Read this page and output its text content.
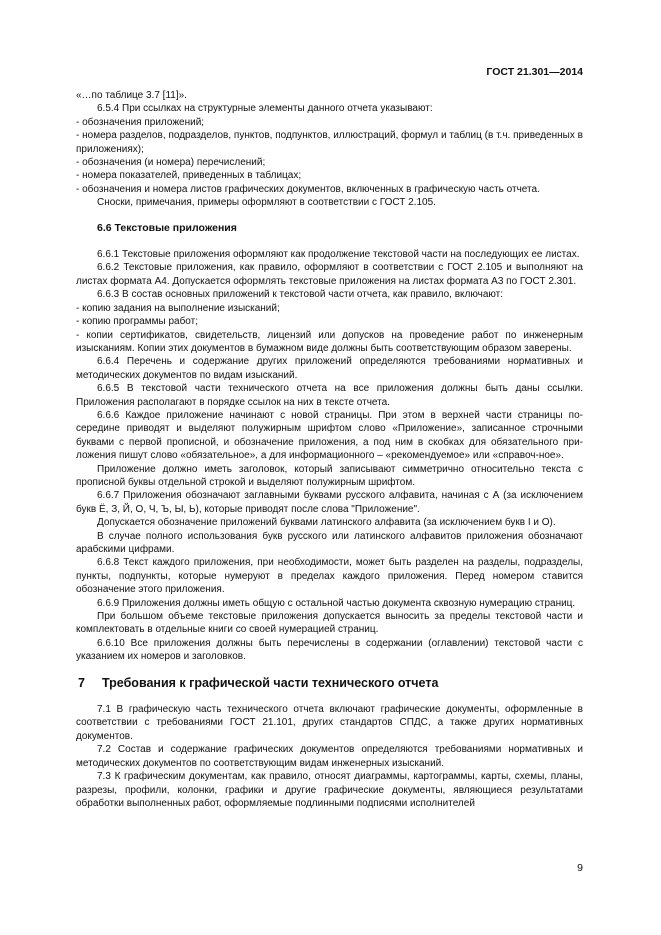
ГОСТ 21.301—2014

«…по таблице 3.7 [11]».

6.5.4 При ссылках на структурные элементы данного отчета указывают:

- обозначения приложений;

- номера разделов, подразделов, пунктов, подпунктов, иллюстраций, формул и таблиц (в т.ч. приведенных в приложениях);

- обозначения (и номера) перечислений;

- номера показателей, приведенных в таблицах;

- обозначения и номера листов графических документов, включенных в графическую часть отчета.

Сноски, примечания, примеры оформляют в соответствии с ГОСТ 2.105.

6.6 Текстовые приложения

6.6.1 Текстовые приложения оформляют как продолжение текстовой части на последующих ее листах.

6.6.2 Текстовые приложения, как правило, оформляют в соответствии с ГОСТ 2.105 и выполняют на листах формата А4. Допускается оформлять текстовые приложения на листах формата А3 по ГОСТ 2.301.

6.6.3 В состав основных приложений к текстовой части отчета, как правило, включают:

- копию задания на выполнение изысканий;

- копию программы работ;

- копии сертификатов, свидетельств, лицензий или допусков на проведение работ по инженерным изысканиям. Копии этих документов в бумажном виде должны быть соответствующим образом заверены.

6.6.4 Перечень и содержание других приложений определяются требованиями нормативных и методических документов по видам изысканий.

6.6.5 В текстовой части технического отчета на все приложения должны быть даны ссылки. Приложения располагают в порядке ссылок на них в тексте отчета.

6.6.6 Каждое приложение начинают с новой страницы. При этом в верхней части страницы по-середине приводят и выделяют полужирным шрифтом слово «Приложение», записанное строчными буквами с первой прописной, и обозначение приложения, а под ним в скобках для обязательного при-ложения пишут слово «обязательное», а для информационного – «рекомендуемое» или «справоч-ное».

Приложение должно иметь заголовок, который записывают симметрично относительно текста с прописной буквы отдельной строкой и выделяют полужирным шрифтом.

6.6.7 Приложения обозначают заглавными буквами русского алфавита, начиная с А (за исключением букв Ё, З, Й, О, Ч, Ъ, Ы, Ь), которые приводят после слова "Приложение".

Допускается обозначение приложений буквами латинского алфавита (за исключением букв I и O).

В случае полного использования букв русского или латинского алфавитов приложения обозначают арабскими цифрами.

6.6.8 Текст каждого приложения, при необходимости, может быть разделен на разделы, подразделы, пункты, подпункты, которые нумеруют в пределах каждого приложения. Перед номером ставится обозначение этого приложения.

6.6.9 Приложения должны иметь общую с остальной частью документа сквозную нумерацию страниц.

При большом объеме текстовые приложения допускается выносить за пределы текстовой части и комплектовать в отдельные книги со своей нумерацией страниц.

6.6.10 Все приложения должны быть перечислены в содержании (оглавлении) текстовой части с указанием их номеров и заголовков.

7 Требования к графической части технического отчета

7.1 В графическую часть технического отчета включают графические документы, оформленные в соответствии с требованиями ГОСТ 21.101, других стандартов СПДС, а также других нормативных документов.

7.2 Состав и содержание графических документов определяются требованиями нормативных и методических документов по соответствующим видам инженерных изысканий.

7.3 К графическим документам, как правило, относят диаграммы, картограммы, карты, схемы, планы, разрезы, профили, колонки, графики и другие графические документы, являющиеся результатами обработки выполненных работ, оформляемые подлинными подписями исполнителей

9
